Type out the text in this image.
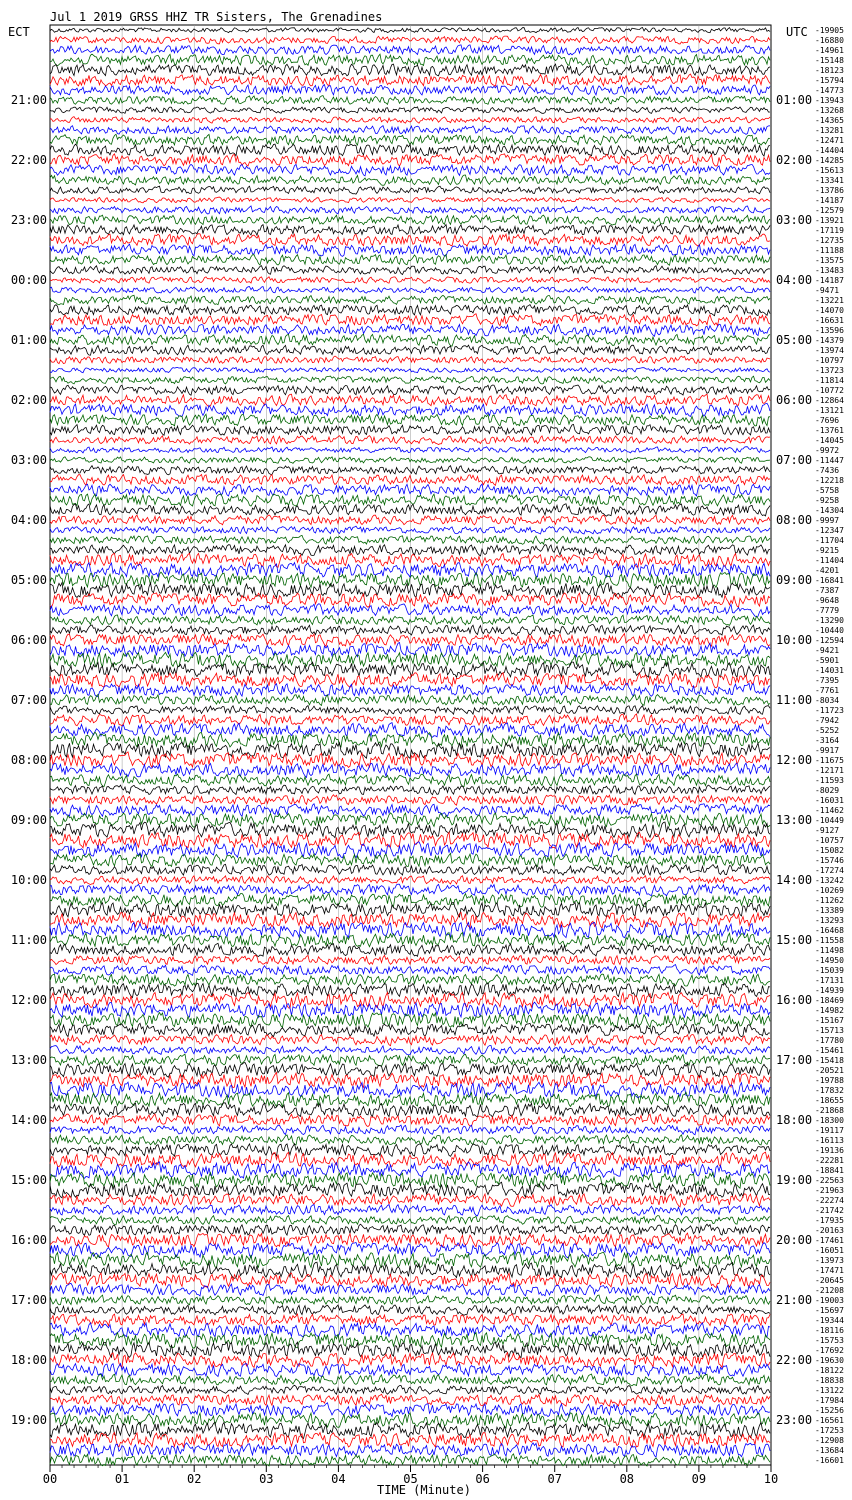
Jul 1 2019 GRSS HHZ TR Sisters, The Grenadines
ECT	UTC
21:00
22:00
23:00
00:00
01:00
02:00
03:00
04:00
05:00
06:00
07:00
08:00
09:00
10:00
11:00
12:00
13:00
14:00
15:00
16:00
17:00
18:00
19:00
01:00
02:00
03:00
04:00
05:00
06:00
07:00
08:00
09:00
10:00
11:00
12:00
13:00
14:00
15:00
16:00
17:00
18:00
19:00
20:00
21:00
22:00
23:00
-19905
-16880
-14961
-15148
-18123
-15794
-14773
-13943
-13268
-14365
-13281
-12471
-14404
-14285
-15613
-13341
-13786
-14187
-12579
-13921
-17119
-12735
-11188
-13575
-13483
-14187
-9471
-13221
-14070
-16631
-13596
-14379
-13974
-10797
-13723
-11814
-10772
-12864
-13121
-7696
-13761
-14045
-9972
-11447
-7436
-12218
-5758
-9258
-14304
-9997
-12347
-11704
-9215
-11404
-4201
-16841
-7387
-9648
-7779
-13290
-10440
-12594
-9421
-5901
-14031
-7395
-7761
-8034
-11723
-7942
-5252
-3164
-9917
-11675
-12171
-11593
-8029
-16031
-11462
-10449
-9127
-10757
-15082
-15746
-17274
-13242
-10269
-11262
-13389
-13293
-16468
-11558
-11498
-14950
-15039
-17131
-14939
-18469
-14982
-15167
-15713
-17780
-15461
-15418
-20521
-19788
-17832
-18655
-21868
-18300
-19117
-16113
-19136
-22281
-18841
-22563
-21963
-22274
-21742
-17935
-20163
-17461
-16051
-13973
-17471
-20645
-21208
-19003
-15697
-19344
-18116
-15753
-17692
-19630
-18122
-18838
-13122
-17984
-15256
-16561
-17253
-12908
-13684
-16601
00	01	02	03	04	05	06	07	08	09	10
TIME (Minute)
